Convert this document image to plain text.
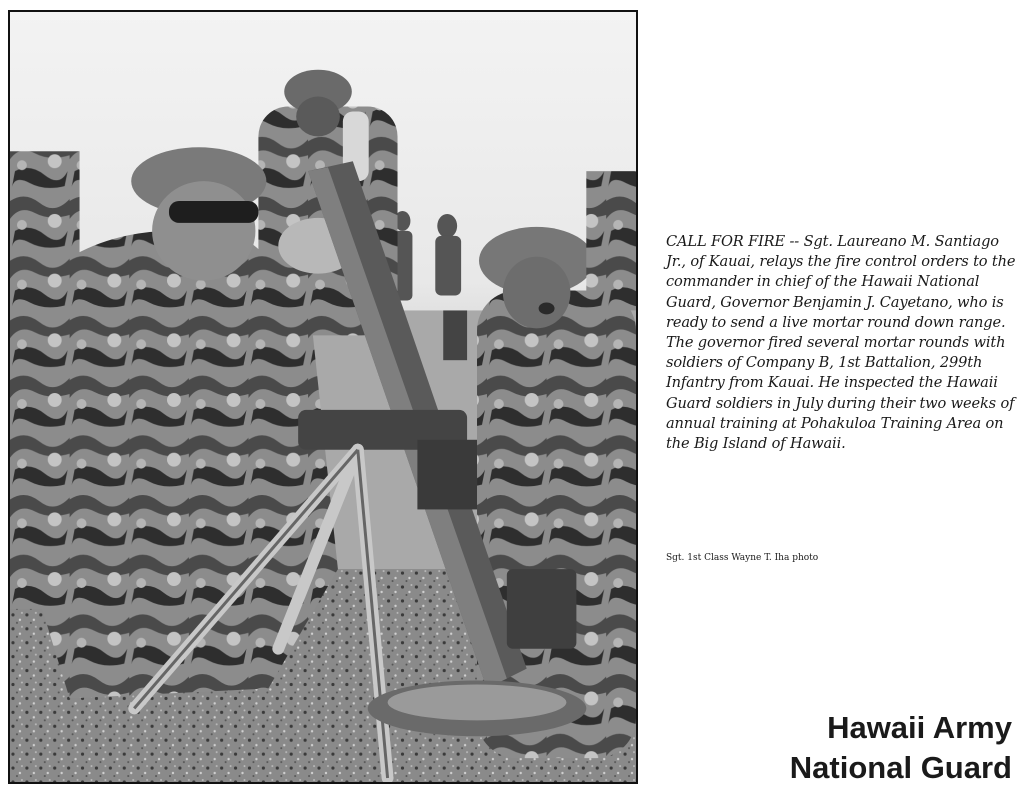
CALL FOR FIRE -- Sgt. Laureano M. Santiago Jr., of Kauai, relays the fire control orders to the commander in chief of the Hawaii National Guard, Governor Benjamin J. Cayetano, who is ready to send a live mortar round down range. The governor fired several mortar rounds with soldiers of Company B, 1st Battalion, 299th Infantry from Kauai. He inspected the Hawaii Guard soldiers in July during their two weeks of annual training at Pohakuloa Training Area on the Big Island of Hawaii.

Sgt. 1st Class Wayne T. Iha photo
Hawaii Army
National Guard
